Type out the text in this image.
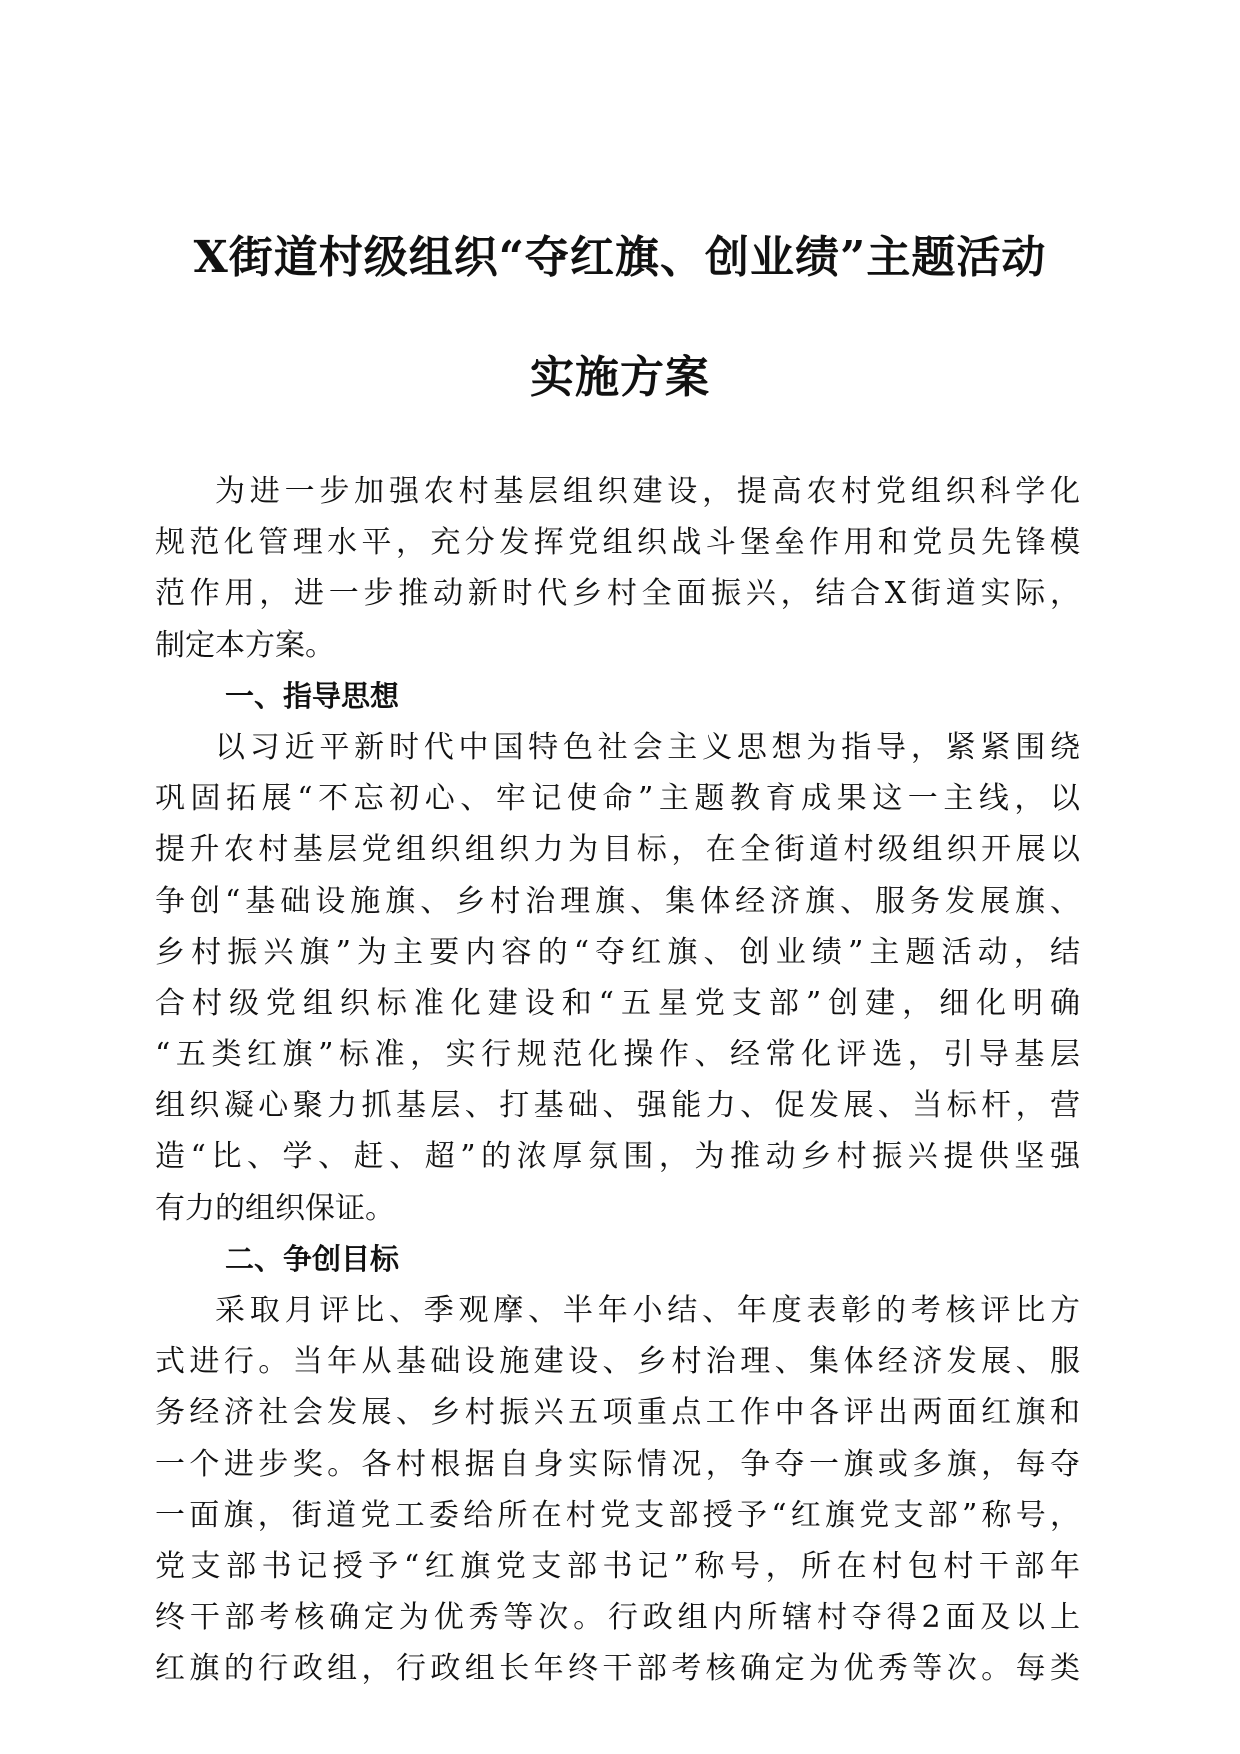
X街道村级组织“夺红旗、创业绩”主题活动
实施方案
为进一步加强农村基层组织建设，提高农村党组织科学化
规范化管理水平，充分发挥党组织战斗堡垒作用和党员先锋模
范作用，进一步推动新时代乡村全面振兴，结合X街道实际，
制定本方案。
一、指导思想
以习近平新时代中国特色社会主义思想为指导，紧紧围绕
巩固拓展“不忘初心、牢记使命”主题教育成果这一主线，以
提升农村基层党组织组织力为目标，在全街道村级组织开展以
争创“基础设施旗、乡村治理旗、集体经济旗、服务发展旗、
乡村振兴旗”为主要内容的“夺红旗、创业绩”主题活动，结
合村级党组织标准化建设和“五星党支部”创建，细化明确
“五类红旗”标准，实行规范化操作、经常化评选，引导基层
组织凝心聚力抓基层、打基础、强能力、促发展、当标杆，营
造“比、学、赶、超”的浓厚氛围，为推动乡村振兴提供坚强
有力的组织保证。
二、争创目标
采取月评比、季观摩、半年小结、年度表彰的考核评比方
式进行。当年从基础设施建设、乡村治理、集体经济发展、服
务经济社会发展、乡村振兴五项重点工作中各评出两面红旗和
一个进步奖。各村根据自身实际情况，争夺一旗或多旗，每夺
一面旗，街道党工委给所在村党支部授予“红旗党支部”称号，
党支部书记授予“红旗党支部书记”称号，所在村包村干部年
终干部考核确定为优秀等次。行政组内所辖村夺得2面及以上
红旗的行政组，行政组长年终干部考核确定为优秀等次。每类
